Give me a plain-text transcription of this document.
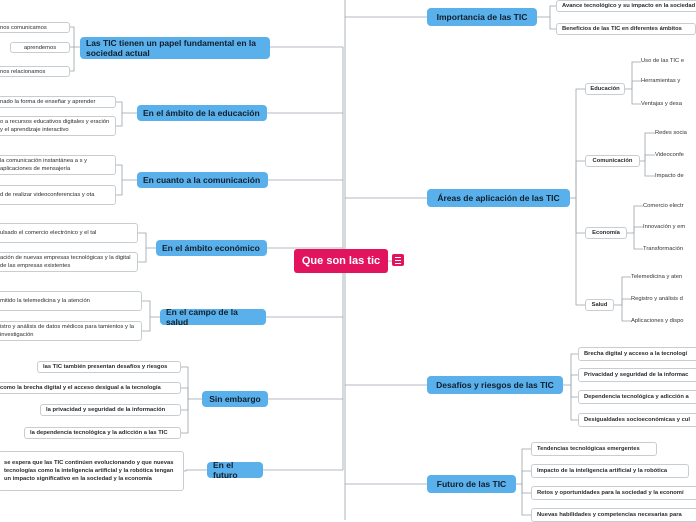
Que son las tic
Las TIC tienen un papel fundamental en la sociedad actual
nos comunicamos
aprendemos
nos relacionamos
En el ámbito de la educación
nado la forma de enseñar y aprender
o a recursos educativos digitales y eración y el aprendizaje interactivo
En cuanto a la comunicación
la comunicación instantánea a s y aplicaciones de mensajería
d de realizar videoconferencias y ota
En el ámbito económico
ulsado el comercio electrónico y el tal
ación de nuevas empresas tecnológicas y la digital de las empresas existentes
En el campo de la salud
mitido la telemedicina y la atención
istro y análisis de datos médicos para tamientos y la investigación
Sin embargo
las TIC también presentan desafíos y riesgos
como la brecha digital y el acceso desigual a la tecnología
la privacidad y seguridad de la información
la dependencia tecnológica y la adicción a las TIC
En el futuro
se espera que las TIC continúen evolucionando y que nuevas tecnologías como la inteligencia artificial y la robótica tengan un impacto significativo en la sociedad y la economía
Importancia de las TIC
Avance tecnológico y su impacto en la sociedad
Beneficios de las TIC en diferentes ámbitos
Áreas de aplicación de las TIC
Educación
Uso de las TIC e
Herramientas y
Ventajas y desa
Comunicación
Redes socia
Videoconfe
Impacto de
Economía
Comercio electr
Innovación y em
Transformación
Salud
Telemedicina y aten
Registro y análisis d
Aplicaciones y dispo
Desafíos y riesgos de las TIC
Brecha digital y acceso a la tecnologí
Privacidad y seguridad de la informac
Dependencia tecnológica y adicción a
Desigualdades socioeconómicas y cul
Futuro de las TIC
Tendencias tecnológicas emergentes
Impacto de la inteligencia artificial y la robótica
Retos y oportunidades para la sociedad y la economí
Nuevas habilidades y competencias necesarias para
